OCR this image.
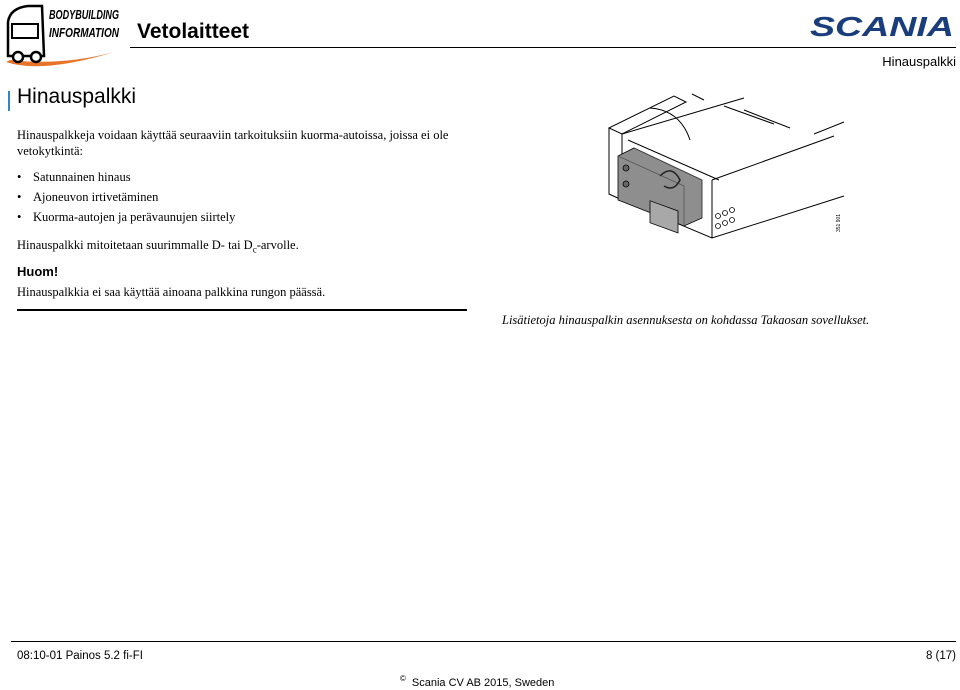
BODYBUILDING
INFORMATION Vetolaitteet	SCANIA
Hinauspalkki
Hinauspalkki
Hinauspalkkeja voidaan käyttää seuraaviin tarkoituksiin kuorma-autoissa, joissa ei ole vetokytkintä:
• Satunnainen hinaus
• Ajoneuvon irtivetäminen
• Kuorma-autojen ja perävaunujen siirtely
Hinauspalkki mitoitetaan suurimmalle D- tai $D_c$-arvolle.
Huom!
Hinauspalkkia ei saa käyttää ainoana palkkina rungon päässä.
351 901
Lisätietoja hinauspalkin asennuksesta on kohdassa Takaosan sovellukset.
08:10-01 Painos 5.2 fi-FI	8 (17)
© Scania CV AB 2015, Sweden
